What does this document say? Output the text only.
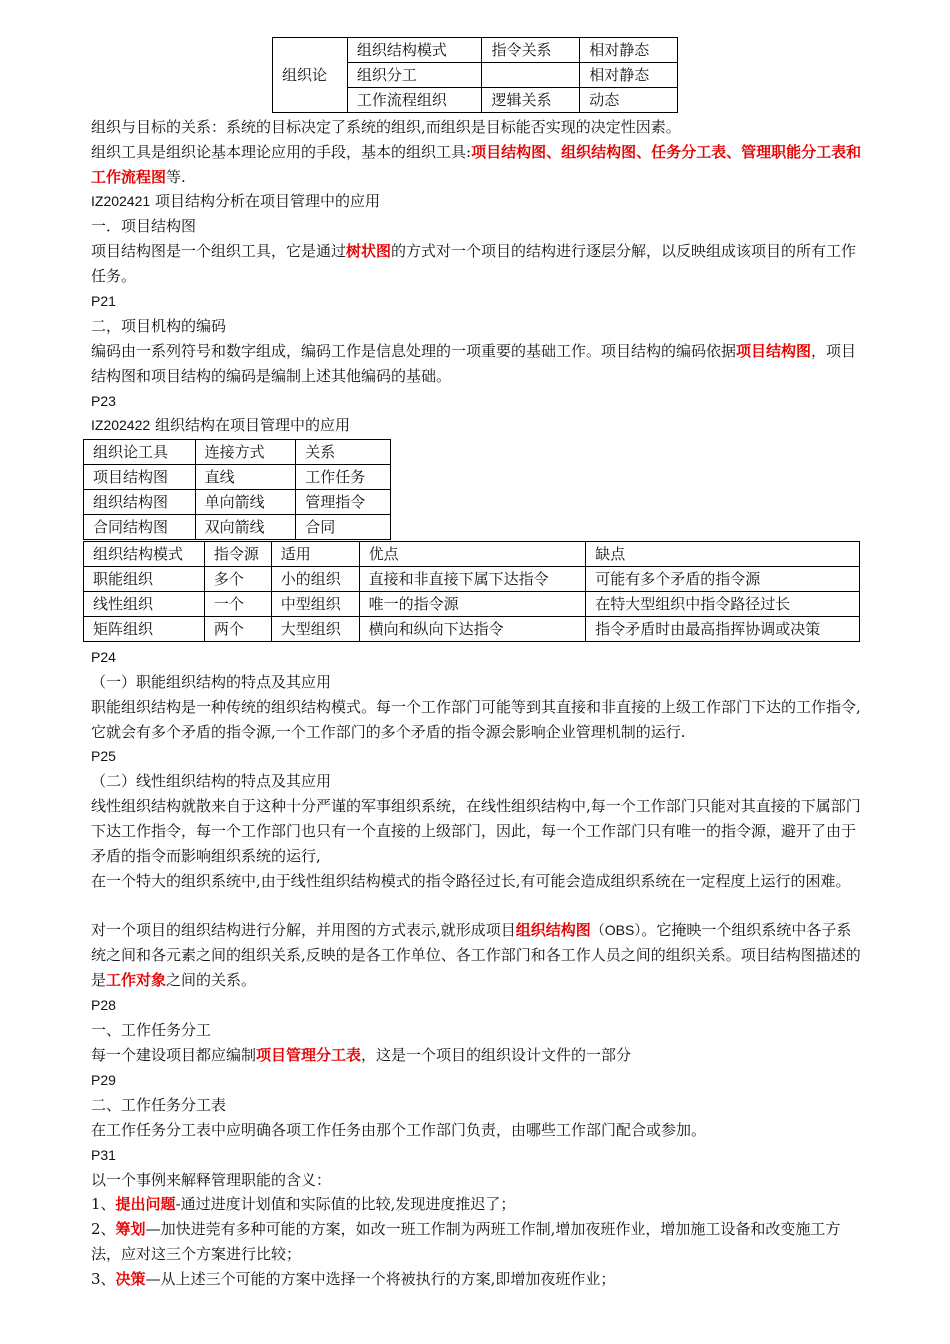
组织论	组织结构模式	指令关系	相对静态
	组织分工		相对静态
	工作流程组织	逻辑关系	动态

组织与目标的关系：系统的目标决定了系统的组织,而组织是目标能否实现的决定性因素。

组织工具是组织论基本理论应用的手段，基本的组织工具:项目结构图、组织结构图、任务分工表、管理职能分工表和工作流程图等.

IZ202421 项目结构分析在项目管理中的应用

一．项目结构图

项目结构图是一个组织工具，它是通过树状图的方式对一个项目的结构进行逐层分解，以反映组成该项目的所有工作任务。

P21

二，项目机构的编码

编码由一系列符号和数字组成，编码工作是信息处理的一项重要的基础工作。项目结构的编码依据项目结构图，项目结构图和项目结构的编码是编制上述其他编码的基础。

P23

IZ202422 组织结构在项目管理中的应用

组织论工具	连接方式	关系
项目结构图	直线	工作任务
组织结构图	单向箭线	管理指令
合同结构图	双向箭线	合同
组织结构模式	指令源	适用	优点	缺点
职能组织	多个	小的组织	直接和非直接下属下达指令	可能有多个矛盾的指令源
线性组织	一个	中型组织	唯一的指令源	在特大型组织中指令路径过长
矩阵组织	两个	大型组织	横向和纵向下达指令	指令矛盾时由最高指挥协调或决策

P24

（一）职能组织结构的特点及其应用

职能组织结构是一种传统的组织结构模式。每一个工作部门可能等到其直接和非直接的上级工作部门下达的工作指令,它就会有多个矛盾的指令源,一个工作部门的多个矛盾的指令源会影响企业管理机制的运行.

P25

（二）线性组织结构的特点及其应用

线性组织结构就散来自于这种十分严谨的军事组织系统，在线性组织结构中,每一个工作部门只能对其直接的下属部门下达工作指令，每一个工作部门也只有一个直接的上级部门，因此，每一个工作部门只有唯一的指令源，避开了由于矛盾的指令而影响组织系统的运行,

在一个特大的组织系统中,由于线性组织结构模式的指令路径过长,有可能会造成组织系统在一定程度上运行的困难。

对一个项目的组织结构进行分解，并用图的方式表示,就形成项目组织结构图（OBS）。它掩映一个组织系统中各子系统之间和各元素之间的组织关系,反映的是各工作单位、各工作部门和各工作人员之间的组织关系。项目结构图描述的是工作对象之间的关系。

P28

一、工作任务分工

每一个建设项目都应编制项目管理分工表，这是一个项目的组织设计文件的一部分

P29

二、工作任务分工表

在工作任务分工表中应明确各项工作任务由那个工作部门负责，由哪些工作部门配合或参加。

P31

以一个事例来解释管理职能的含义：

1、提出问题-通过进度计划值和实际值的比较,发现进度推迟了；

2、筹划—加快进莞有多种可能的方案，如改一班工作制为两班工作制,增加夜班作业，增加施工设备和改变施工方法，应对这三个方案进行比较；

3、决策—从上述三个可能的方案中选择一个将被执行的方案,即增加夜班作业；
